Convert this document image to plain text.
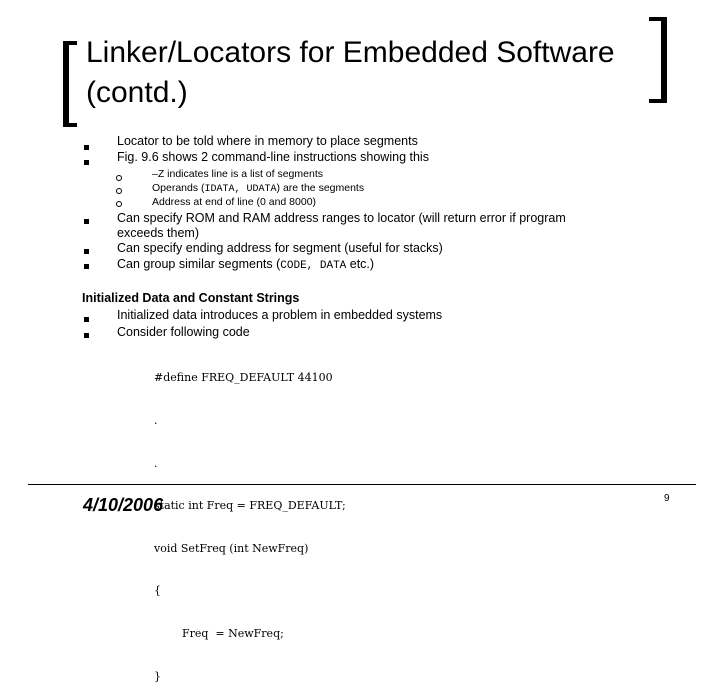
Linker/Locators for Embedded Software
(contd.)
Locator to be told where in memory to place segments
Fig. 9.6 shows 2 command-line instructions showing this
–Z indicates line is a list of segments
Operands (IDATA, UDATA) are the segments
Address at end of line (0 and 8000)
Can specify ROM and RAM address ranges to locator (will return error if program
exceeds them)
Can specify ending address for segment (useful for stacks)
Can group similar segments (CODE, DATA etc.)
Initialized Data and Constant Strings
Initialized data introduces a problem in embedded systems
Consider following code

#define FREQ_DEFAULT 44100

.

.

static int Freq = FREQ_DEFAULT;

void SetFreq (int NewFreq)

{

Freq  = NewFreq;

}

4/10/2006	9
